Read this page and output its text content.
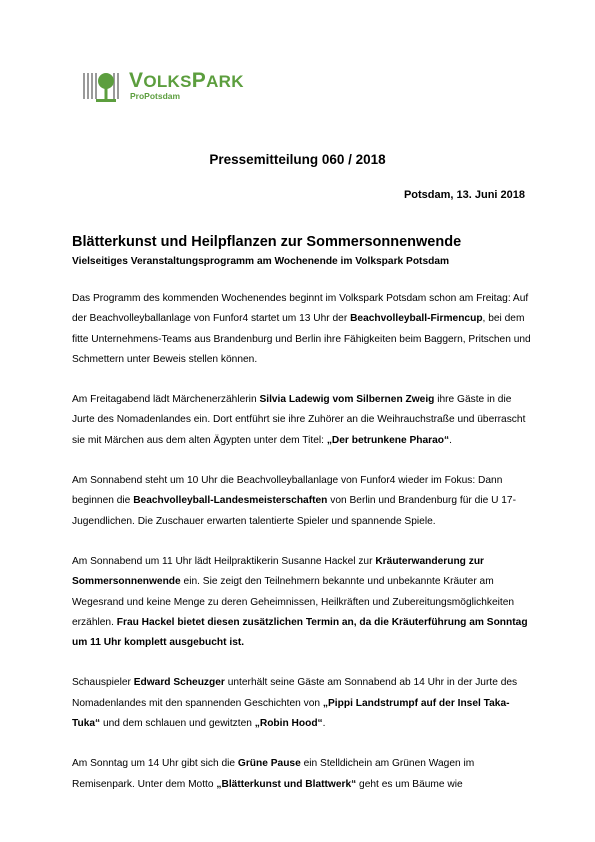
VOLKSPARK
ProPotsdam
Pressemitteilung 060 / 2018
Potsdam, 13. Juni 2018
Blätterkunst und Heilpflanzen zur Sommersonnenwende

Vielseitiges Veranstaltungsprogramm am Wochenende im Volkspark Potsdam

Das Programm des kommenden Wochenendes beginnt im Volkspark Potsdam schon am Freitag: Auf der Beachvolleyballanlage von Funfor4 startet um 13 Uhr der Beachvolleyball-Firmencup, bei dem fitte Unternehmens-Teams aus Brandenburg und Berlin ihre Fähigkeiten beim Baggern, Pritschen und Schmettern unter Beweis stellen können.

Am Freitagabend lädt Märchenerzählerin Silvia Ladewig vom Silbernen Zweig ihre Gäste in die Jurte des Nomadenlandes ein. Dort entführt sie ihre Zuhörer an die Weihrauchstraße und überrascht sie mit Märchen aus dem alten Ägypten unter dem Titel: „Der betrunkene Pharao“.

Am Sonnabend steht um 10 Uhr die Beachvolleyballanlage von Funfor4 wieder im Fokus: Dann beginnen die Beachvolleyball-Landesmeisterschaften von Berlin und Brandenburg für die U 17-Jugendlichen. Die Zuschauer erwarten talentierte Spieler und spannende Spiele.

Am Sonnabend um 11 Uhr lädt Heilpraktikerin Susanne Hackel zur Kräuterwanderung zur Sommersonnenwende ein. Sie zeigt den Teilnehmern bekannte und unbekannte Kräuter am Wegesrand und keine Menge zu deren Geheimnissen, Heilkräften und Zubereitungsmöglichkeiten erzählen. Frau Hackel bietet diesen zusätzlichen Termin an, da die Kräuterführung am Sonntag um 11 Uhr komplett ausgebucht ist.

Schauspieler Edward Scheuzger unterhält seine Gäste am Sonnabend ab 14 Uhr in der Jurte des Nomadenlandes mit den spannenden Geschichten von „Pippi Landstrumpf auf der Insel Taka-Tuka“ und dem schlauen und gewitzten „Robin Hood“.

Am Sonntag um 14 Uhr gibt sich die Grüne Pause ein Stelldichein am Grünen Wagen im Remisenpark. Unter dem Motto „Blätterkunst und Blattwerk“ geht es um Bäume wie
